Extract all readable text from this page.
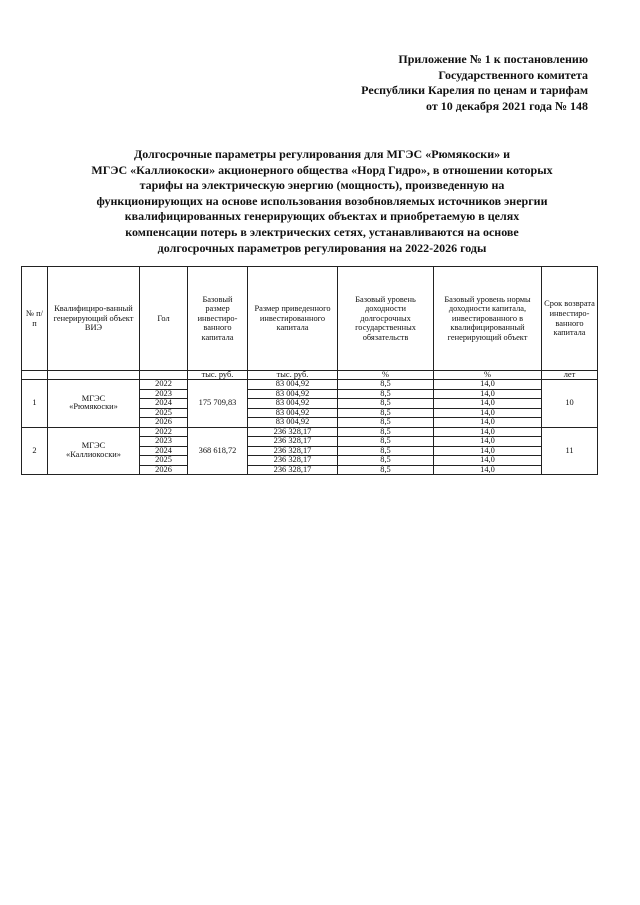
Приложение № 1 к постановлению
Государственного комитета
Республики Карелия по ценам и тарифам
от 10 декабря 2021 года № 148
Долгосрочные параметры регулирования для МГЭС «Рюмякоски» и
МГЭС «Каллиокоски» акционерного общества «Норд Гидро», в отношении которых
тарифы на электрическую энергию (мощность), произведенную на
функционирующих на основе использования возобновляемых источников энергии
квалифицированных генерирующих объектах и приобретаемую в целях
компенсации потерь в электрических сетях, устанавливаются на основе
долгосрочных параметров регулирования на 2022-2026 годы
№ п/п	Квалифициро-ванный генерирующий объект ВИЭ	Гол	Базовый размер инвестиро-ванного капитала	Размер приведенного инвестированного капитала	Базовый уровень доходности долгосрочных государственных обязательств	Базовый уровень нормы доходности капитала, инвестированного в квалифицированный генерирующий объект	Срок возврата инвестиро-ванного капитала
			тыс. руб.	тыс. руб.	%	%	лет
1	МГЭС
«Рюмякоски»	2022	175 709,83	83 004,92	8,5	14,0	10
		2023		83 004,92	8,5	14,0	
		2024		83 004,92	8,5	14,0	
		2025		83 004,92	8,5	14,0	
		2026		83 004,92	8,5	14,0	
2	МГЭС
«Каллиокоски»	2022	368 618,72	236 328,17	8,5	14,0	11
		2023		236 328,17	8,5	14,0	
		2024		236 328,17	8,5	14,0	
		2025		236 328,17	8,5	14,0	
		2026		236 328,17	8,5	14,0	
